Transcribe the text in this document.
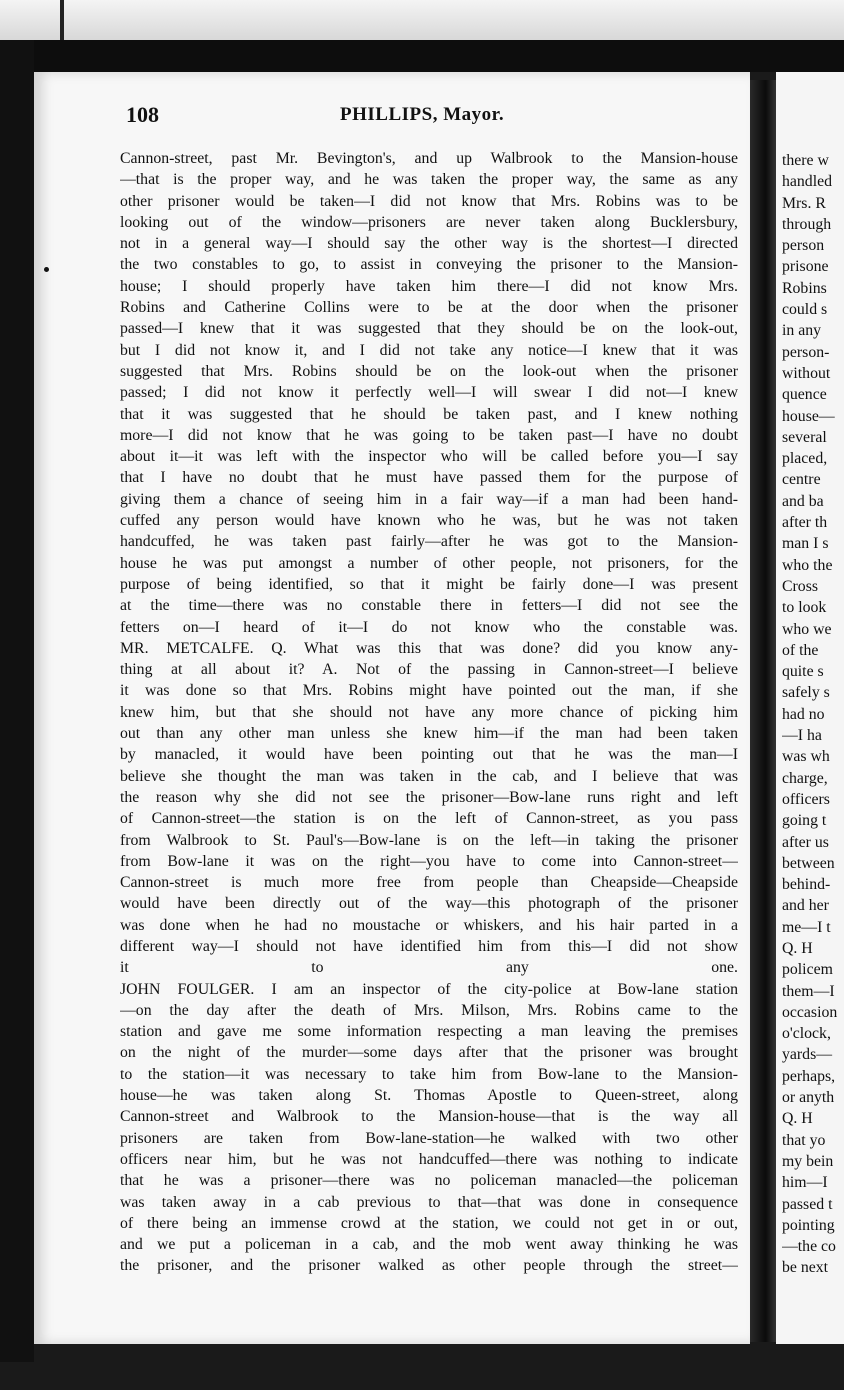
108	PHILLIPS, Mayor.
Cannon-street, past Mr. Bevington's, and up Walbrook to the Mansion-house
—that is the proper way, and he was taken the proper way, the same as any
other prisoner would be taken—I did not know that Mrs. Robins was to be
looking out of the window—prisoners are never taken along Bucklersbury,
not in a general way—I should say the other way is the shortest—I directed
the two constables to go, to assist in conveying the prisoner to the Mansion-
house; I should properly have taken him there—I did not know Mrs.
Robins and Catherine Collins were to be at the door when the prisoner
passed—I knew that it was suggested that they should be on the look-out,
but I did not know it, and I did not take any notice—I knew that it was
suggested that Mrs. Robins should be on the look-out when the prisoner
passed; I did not know it perfectly well—I will swear I did not—I knew
that it was suggested that he should be taken past, and I knew nothing
more—I did not know that he was going to be taken past—I have no doubt
about it—it was left with the inspector who will be called before you—I say
that I have no doubt that he must have passed them for the purpose of
giving them a chance of seeing him in a fair way—if a man had been hand-
cuffed any person would have known who he was, but he was not taken
handcuffed, he was taken past fairly—after he was got to the Mansion-
house he was put amongst a number of other people, not prisoners, for the
purpose of being identified, so that it might be fairly done—I was present
at the time—there was no constable there in fetters—I did not see the
fetters on—I heard of it—I do not know who the constable was.
MR. METCALFE. Q. What was this that was done? did you know any-
thing at all about it? A. Not of the passing in Cannon-street—I believe
it was done so that Mrs. Robins might have pointed out the man, if she
knew him, but that she should not have any more chance of picking him
out than any other man unless she knew him—if the man had been taken
by manacled, it would have been pointing out that he was the man—I
believe she thought the man was taken in the cab, and I believe that was
the reason why she did not see the prisoner—Bow-lane runs right and left
of Cannon-street—the station is on the left of Cannon-street, as you pass
from Walbrook to St. Paul's—Bow-lane is on the left—in taking the prisoner
from Bow-lane it was on the right—you have to come into Cannon-street—
Cannon-street is much more free from people than Cheapside—Cheapside
would have been directly out of the way—this photograph of the prisoner
was done when he had no moustache or whiskers, and his hair parted in a
different way—I should not have identified him from this—I did not show
it to any one.
JOHN FOULGER. I am an inspector of the city-police at Bow-lane station
—on the day after the death of Mrs. Milson, Mrs. Robins came to the
station and gave me some information respecting a man leaving the premises
on the night of the murder—some days after that the prisoner was brought
to the station—it was necessary to take him from Bow-lane to the Mansion-
house—he was taken along St. Thomas Apostle to Queen-street, along
Cannon-street and Walbrook to the Mansion-house—that is the way all
prisoners are taken from Bow-lane-station—he walked with two other
officers near him, but he was not handcuffed—there was nothing to indicate
that he was a prisoner—there was no policeman manacled—the policeman
was taken away in a cab previous to that—that was done in consequence
of there being an immense crowd at the station, we could not get in or out,
and we put a policeman in a cab, and the mob went away thinking he was
the prisoner, and the prisoner walked as other people through the street—
there w
handled
Mrs. R
through
person
prisone
Robins
could s
in any
person-
without
quence
house—
several
placed,
centre
and ba
after th
man I s
who the
Cross
to look
who we
of the
quite s
safely s
had no
—I ha
was wh
charge,
officers
going t
after us
between
behind-
and her
me—I t
Q. H
policem
them—I
occasion
o'clock,
yards—
perhaps,
or anyth
Q. H
that yo
my bein
him—I
passed t
pointing
—the co
be next
